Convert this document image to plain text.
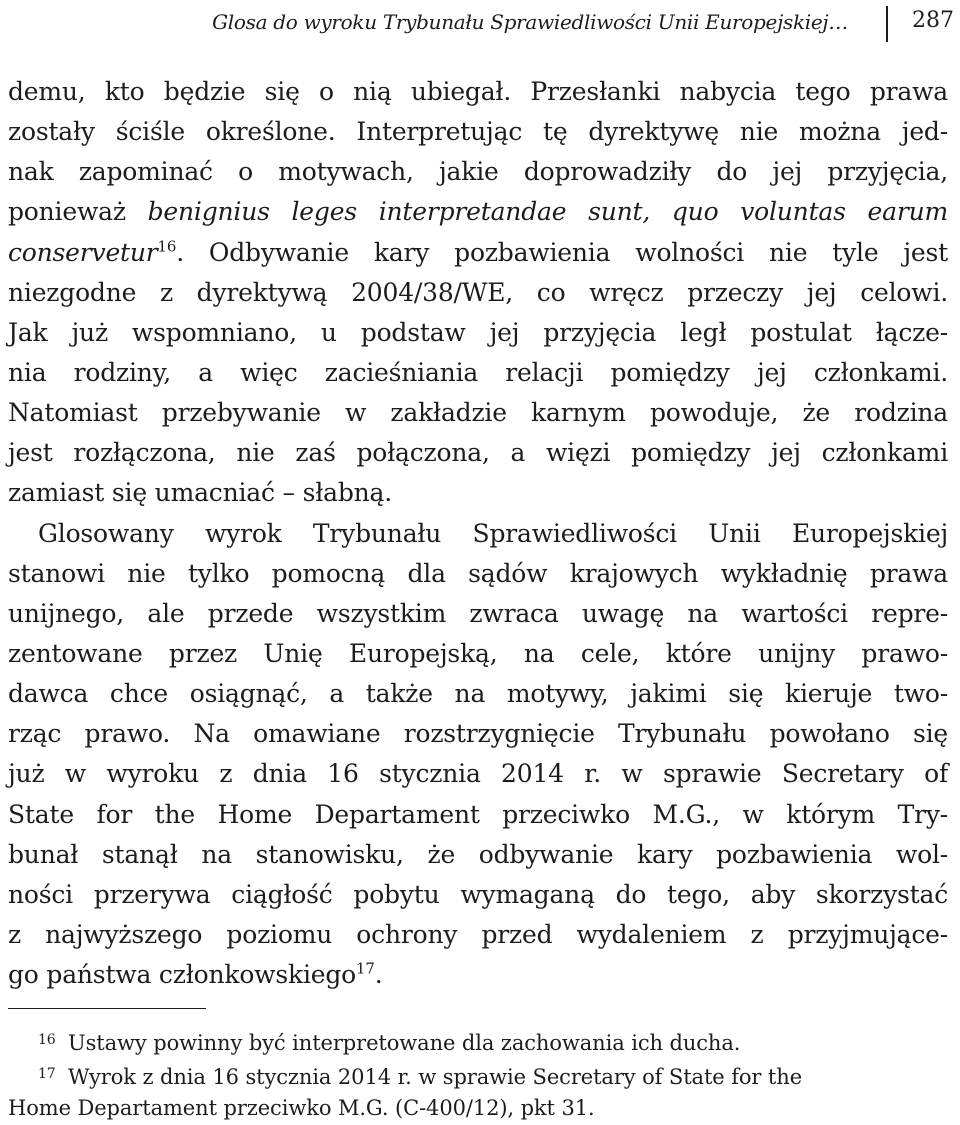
Glosa do wyroku Trybunału Sprawiedliwości Unii Europejskiej…	287
demu, kto będzie się o nią ubiegał. Przesłanki nabycia tego prawa
zostały ściśle określone. Interpretując tę dyrektywę nie można jed-
nak zapominać o motywach, jakie doprowadziły do jej przyjęcia,
ponieważ benignius leges interpretandae sunt, quo voluntas earum
conservetur$^{16}$. Odbywanie kary pozbawienia wolności nie tyle jest
niezgodne z dyrektywą 2004/38/WE, co wręcz przeczy jej celowi.
Jak już wspomniano, u podstaw jej przyjęcia legł postulat łącze-
nia rodziny, a więc zacieśniania relacji pomiędzy jej członkami.
Natomiast przebywanie w zakładzie karnym powoduje, że rodzina
jest rozłączona, nie zaś połączona, a więzi pomiędzy jej członkami
zamiast się umacniać – słabną.
Glosowany wyrok Trybunału Sprawiedliwości Unii Europejskiej
stanowi nie tylko pomocną dla sądów krajowych wykładnię prawa
unijnego, ale przede wszystkim zwraca uwagę na wartości repre-
zentowane przez Unię Europejską, na cele, które unijny prawo-
dawca chce osiągnąć, a także na motywy, jakimi się kieruje two-
rząc prawo. Na omawiane rozstrzygnięcie Trybunału powołano się
już w wyroku z dnia 16 stycznia 2014 r. w sprawie Secretary of
State for the Home Departament przeciwko M.G., w którym Try-
bunał stanął na stanowisku, że odbywanie kary pozbawienia wol-
ności przerywa ciągłość pobytu wymaganą do tego, aby skorzystać
z najwyższego poziomu ochrony przed wydaleniem z przyjmujące-
go państwa członkowskiego$^{17}$.
16 Ustawy powinny być interpretowane dla zachowania ich ducha.
17 Wyrok z dnia 16 stycznia 2014 r. w sprawie Secretary of State for the
Home Departament przeciwko M.G. (C-400/12), pkt 31.
